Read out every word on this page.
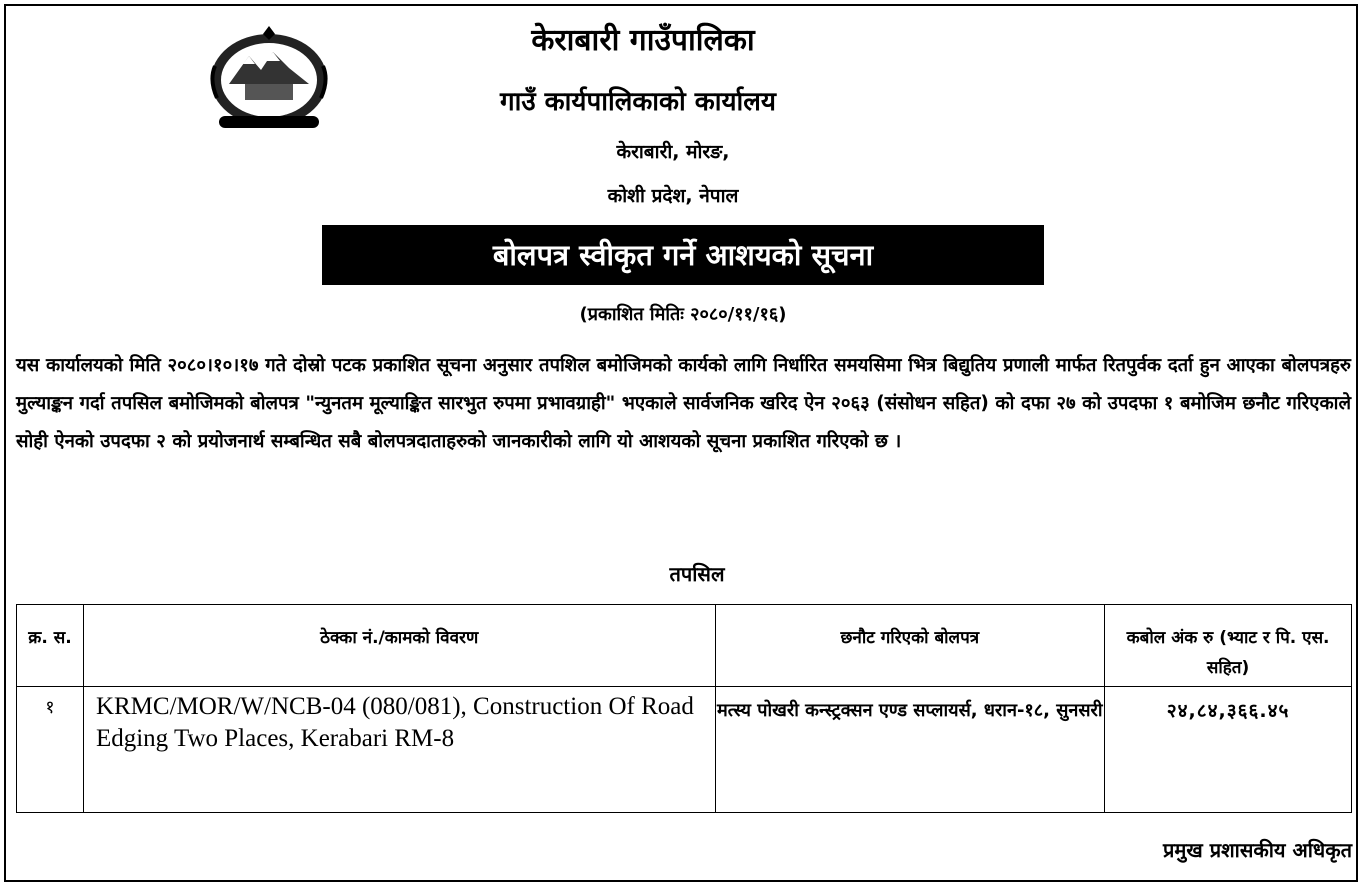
केराबारी गाउँपालिका
गाउँ कार्यपालिकाको कार्यालय
केराबारी, मोरङ,
कोशी प्रदेश, नेपाल
बोलपत्र स्वीकृत गर्ने आशयको सूचना
(प्रकाशित मितिः २०८०/११/१६)
यस कार्यालयको मिति २०८०।१०।१७ गते दोस्रो पटक प्रकाशित सूचना अनुसार तपशिल बमोजिमको कार्यको लागि निर्धारित समयसिमा भित्र बिद्युतिय प्रणाली मार्फत रितपुर्वक दर्ता हुन आएका बोलपत्रहरु मुल्याङ्कन गर्दा तपसिल बमोजिमको बोलपत्र "न्युनतम मूल्याङ्कित सारभुत रुपमा प्रभावग्राही" भएकाले सार्वजनिक खरिद ऐन २०६३ (संसोधन सहित) को दफा २७ को उपदफा १ बमोजिम छनौट गरिएकाले सोही ऐनको उपदफा २ को प्रयोजनार्थ सम्बन्धित सबै बोलपत्रदाताहरुको जानकारीको लागि यो आशयको सूचना प्रकाशित गरिएको छ ।
तपसिल
क्र. स.	ठेक्का नं./कामको विवरण	छनौट गरिएको बोलपत्र	कबोल अंक रु (भ्याट र पि. एस. सहित)
१	KRMC/MOR/W/NCB-04 (080/081), Construction Of Road Edging Two Places, Kerabari RM-8	मत्स्य पोखरी कन्स्ट्रक्सन एण्ड सप्लायर्स, धरान-१८, सुनसरी	२४,८४,३६६.४५
प्रमुख प्रशासकीय अधिकृत
